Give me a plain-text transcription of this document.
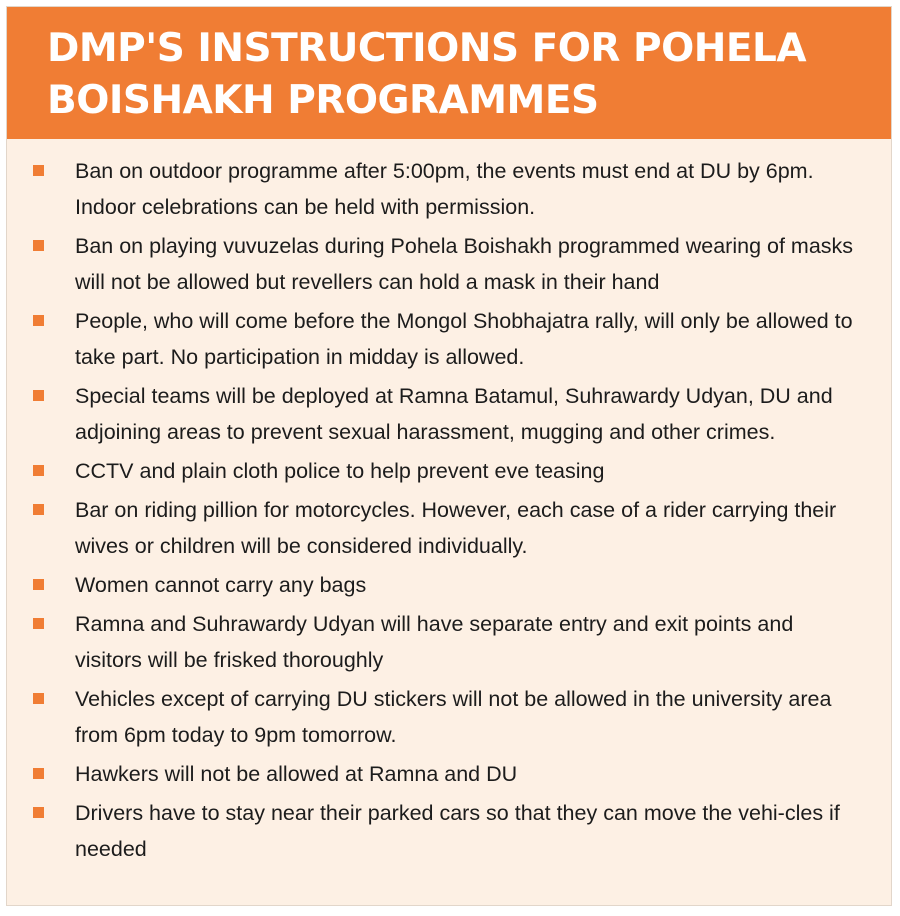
DMP'S INSTRUCTIONS FOR POHELA BOISHAKH PROGRAMMES
Ban on outdoor programme after 5:00pm, the events must end at DU by 6pm. Indoor celebrations can be held with permission.
Ban on playing vuvuzelas during Pohela Boishakh programmed wearing of masks will not be allowed but revellers can hold a mask in their hand
People, who will come before the Mongol Shobhajatra rally, will only be allowed to take part. No participation in midday is allowed.
Special teams will be deployed at Ramna Batamul, Suhrawardy Udyan, DU and adjoining areas to prevent sexual harassment, mugging and other crimes.
CCTV and plain cloth police to help prevent eve teasing
Bar on riding pillion for motorcycles. However, each case of a rider carrying their wives or children will be considered individually.
Women cannot carry any bags
Ramna and Suhrawardy Udyan will have separate entry and exit points and visitors will be frisked thoroughly
Vehicles except of carrying DU stickers will not be allowed in the university area from 6pm today to 9pm tomorrow.
Hawkers will not be allowed at Ramna and DU
Drivers have to stay near their parked cars so that they can move the vehi-cles if needed
